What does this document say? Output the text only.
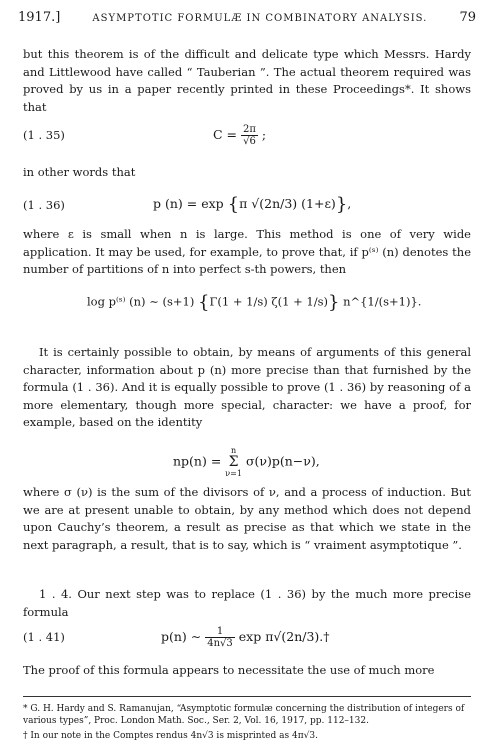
1917.]	ASYMPTOTIC FORMULÆ IN COMBINATORY ANALYSIS. 79

but this theorem is of the difficult and delicate type which Messrs. Hardy and Littlewood have called “ Tauberian ”. The actual theorem required was proved by us in a paper recently printed in these Proceedings*. It shows that

(1 . 35)	$C = \frac{2\pi}{√6}$ ;

in other words that

(1 . 36)	p (n) = exp {π √(2n/3) (1+ε)},

where ε is small when n is large. This method is one of very wide application. It may be used, for example, to prove that, if p⁽ˢ⁾ (n) denotes the number of partitions of n into perfect s-th powers, then

log p⁽ˢ⁾ (n) ∼ (s+1) {Γ(1 + 1/s) ζ(1 + 1/s)} n^{1/(s+1)}.

It is certainly possible to obtain, by means of arguments of this general character, information about p (n) more precise than that furnished by the formula (1 . 36). And it is equally possible to prove (1 . 36) by reasoning of a more elementary, though more special, character: we have a proof, for example, based on the identity

np(n) =
n
Σ
ν=1
σ(ν)p(n−ν),

where σ (ν) is the sum of the divisors of ν, and a process of induction. But we are at present unable to obtain, by any method which does not depend upon Cauchy’s theorem, a result as precise as that which we state in the next paragraph, a result, that is to say, which is “ vraiment asymptotique ”.

1 . 4. Our next step was to replace (1 . 36) by the much more precise formula

(1 . 41)	p(n) ∼ $\frac{1}{4n√3}$ exp π√(2n/3).†

The proof of this formula appears to necessitate the use of much more

* G. H. Hardy and S. Ramanujan, “Asymptotic formulæ concerning the distribution of integers of various types”, Proc. London Math. Soc., Ser. 2, Vol. 16, 1917, pp. 112–132.
† In our note in the Comptes rendus 4n√3 is misprinted as 4π√3.
